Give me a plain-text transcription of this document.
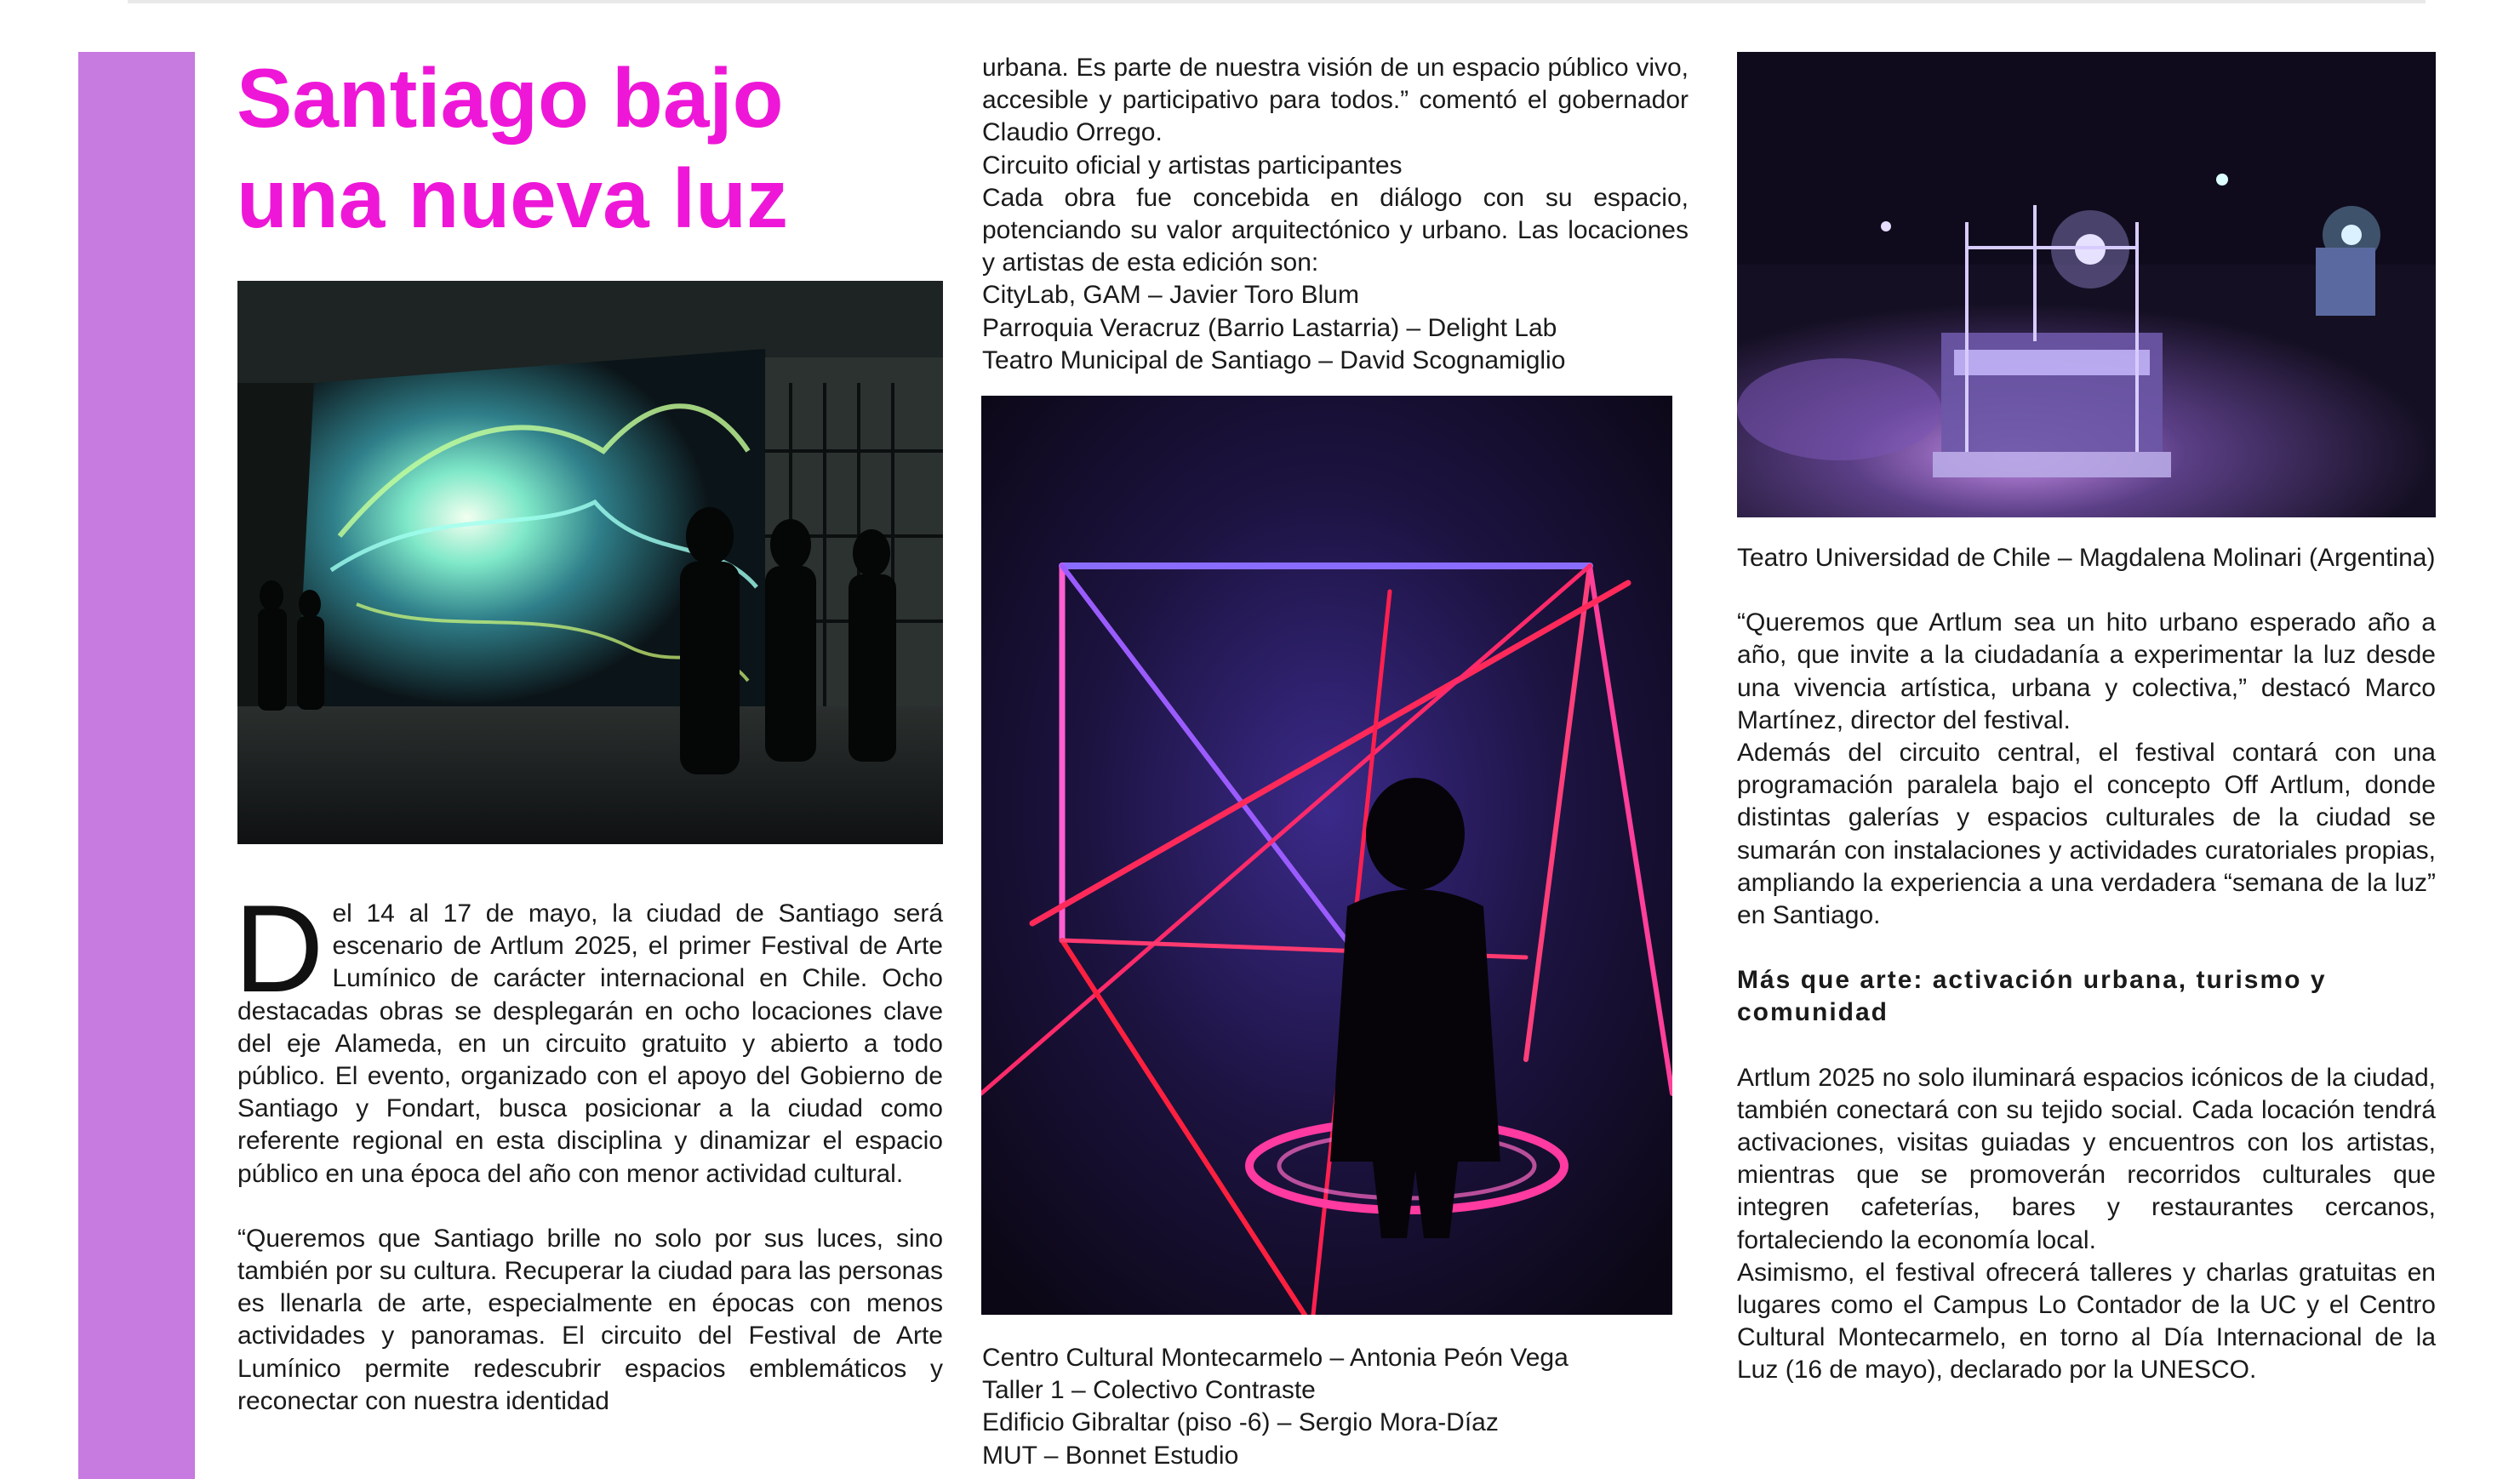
Santiago bajo
una nueva luz

Del 14 al 17 de mayo, la ciudad de Santiago será escenario de Artlum 2025, el primer Festival de Arte Lumínico de carácter internacional en Chile. Ocho destacadas obras se desplegarán en ocho locaciones clave del eje Alameda, en un circuito gratuito y abierto a todo público. El evento, organizado con el apoyo del Gobierno de Santiago y Fondart, busca posicionar a la ciudad como referente regional en esta disciplina y dinamizar el espacio público en una época del año con menor actividad cultural.

“Queremos que Santiago brille no solo por sus luces, sino también por su cultura. Recuperar la ciudad para las personas es llenarla de arte, especialmente en épocas con menos actividades y panoramas. El circuito del Festival de Arte Lumínico permite redescubrir espacios emblemáticos y reconectar con nuestra identidad

urbana. Es parte de nuestra visión de un espacio público vivo, accesible y participativo para todos.” comentó el gobernador Claudio Orrego.

Circuito oficial y artistas participantes

Cada obra fue concebida en diálogo con su espacio, potenciando su valor arquitectónico y urbano. Las locaciones y artistas de esta edición son:

CityLab, GAM – Javier Toro Blum

Parroquia Veracruz (Barrio Lastarria) – Delight Lab

Teatro Municipal de Santiago – David Scognamiglio

Centro Cultural Montecarmelo – Antonia Peón Vega

Taller 1 – Colectivo Contraste

Edificio Gibraltar (piso -6) – Sergio Mora-Díaz

MUT – Bonnet Estudio

Teatro Universidad de Chile – Magdalena Molinari (Argentina)

“Queremos que Artlum sea un hito urbano esperado año a año, que invite a la ciudadanía a experimentar la luz desde una vivencia artística, urbana y colectiva,” destacó Marco Martínez, director del festival.

Además del circuito central, el festival contará con una programación paralela bajo el concepto Off Artlum, donde distintas galerías y espacios culturales de la ciudad se sumarán con instalaciones y actividades curatoriales propias, ampliando la experiencia a una verdadera “semana de la luz” en Santiago.

Más que arte: activación urbana, turismo y comunidad

Artlum 2025 no solo iluminará espacios icónicos de la ciudad, también conectará con su tejido social. Cada locación tendrá activaciones, visitas guiadas y encuentros con los artistas, mientras que se promoverán recorridos culturales que integren cafeterías, bares y restaurantes cercanos, fortaleciendo la economía local.

Asimismo, el festival ofrecerá talleres y charlas gratuitas en lugares como el Campus Lo Contador de la UC y el Centro Cultural Montecarmelo, en torno al Día Internacional de la Luz (16 de mayo), declarado por la UNESCO.
